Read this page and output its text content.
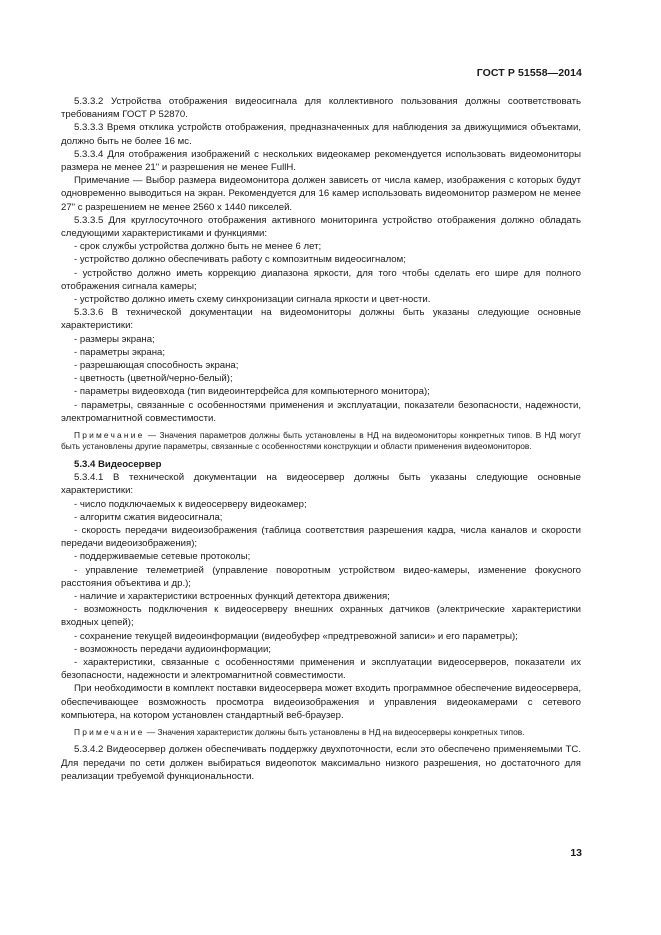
ГОСТ Р 51558—2014

5.3.3.2 Устройства отображения видеосигнала для коллективного пользования должны соответствовать требованиям ГОСТ Р 52870.

5.3.3.3 Время отклика устройств отображения, предназначенных для наблюдения за движущимися объектами, должно быть не более 16 мс.

5.3.3.4 Для отображения изображений с нескольких видеокамер рекомендуется использовать видеомониторы размера не менее 21" и разрешения не менее FullH.

Примечание — Выбор размера видеомонитора должен зависеть от числа камер, изображения с которых будут одновременно выводиться на экран. Рекомендуется для 16 камер использовать видеомонитор размером не менее 27" с разрешением не менее 2560 x 1440 пикселей.

5.3.3.5 Для круглосуточного отображения активного мониторинга устройство отображения должно обладать следующими характеристиками и функциями:

- срок службы устройства должно быть не менее 6 лет;

- устройство должно обеспечивать работу с композитным видеосигналом;

- устройство должно иметь коррекцию диапазона яркости, для того чтобы сделать его шире для полного отображения сигнала камеры;

- устройство должно иметь схему синхронизации сигнала яркости и цвет-ности.

5.3.3.6 В технической документации на видеомониторы должны быть указаны следующие основные характеристики:

- размеры экрана;

- параметры экрана;

- разрешающая способность экрана;

- цветность (цветной/черно-белый);

- параметры видеовхода (тип видеоинтерфейса для компьютерного монитора);

- параметры, связанные с особенностями применения и эксплуатации, показатели безопасности, надежности, электромагнитной совместимости.

Примечание — Значения параметров должны быть установлены в НД на видеомониторы конкретных типов. В НД могут быть установлены другие параметры, связанные с особенностями конструкции и области применения видеомониторов.

5.3.4 Видеосервер

5.3.4.1 В технической документации на видеосервер должны быть указаны следующие основные характеристики:

- число подключаемых к видеосерверу видеокамер;

- алгоритм сжатия видеосигнала;

- скорость передачи видеоизображения (таблица соответствия разрешения кадра, числа каналов и скорости передачи видеоизображения);

- поддерживаемые сетевые протоколы;

- управление телеметрией (управление поворотным устройством видео-камеры, изменение фокусного расстояния объектива и др.);

- наличие и характеристики встроенных функций детектора движения;

- возможность подключения к видеосерверу внешних охранных датчиков (электрические характеристики входных цепей);

- сохранение текущей видеоинформации (видеобуфер «предтревожной записи» и его параметры);

- возможность передачи аудиоинформации;

- характеристики, связанные с особенностями применения и эксплуатации видеосерверов, показатели их безопасности, надежности и электромагнитной совместимости.

При необходимости в комплект поставки видеосервера может входить программное обеспечение видеосервера, обеспечивающее возможность просмотра видеоизображения и управления видеокамерами с сетевого компьютера, на котором установлен стандартный веб-браузер.

Примечание — Значения характеристик должны быть установлены в НД на видеосерверы конкретных типов.

5.3.4.2 Видеосервер должен обеспечивать поддержку двухпоточности, если это обеспечено применяемыми ТС. Для передачи по сети должен выбираться видеопоток максимально низкого разрешения, но достаточного для реализации требуемой функциональности.

13
